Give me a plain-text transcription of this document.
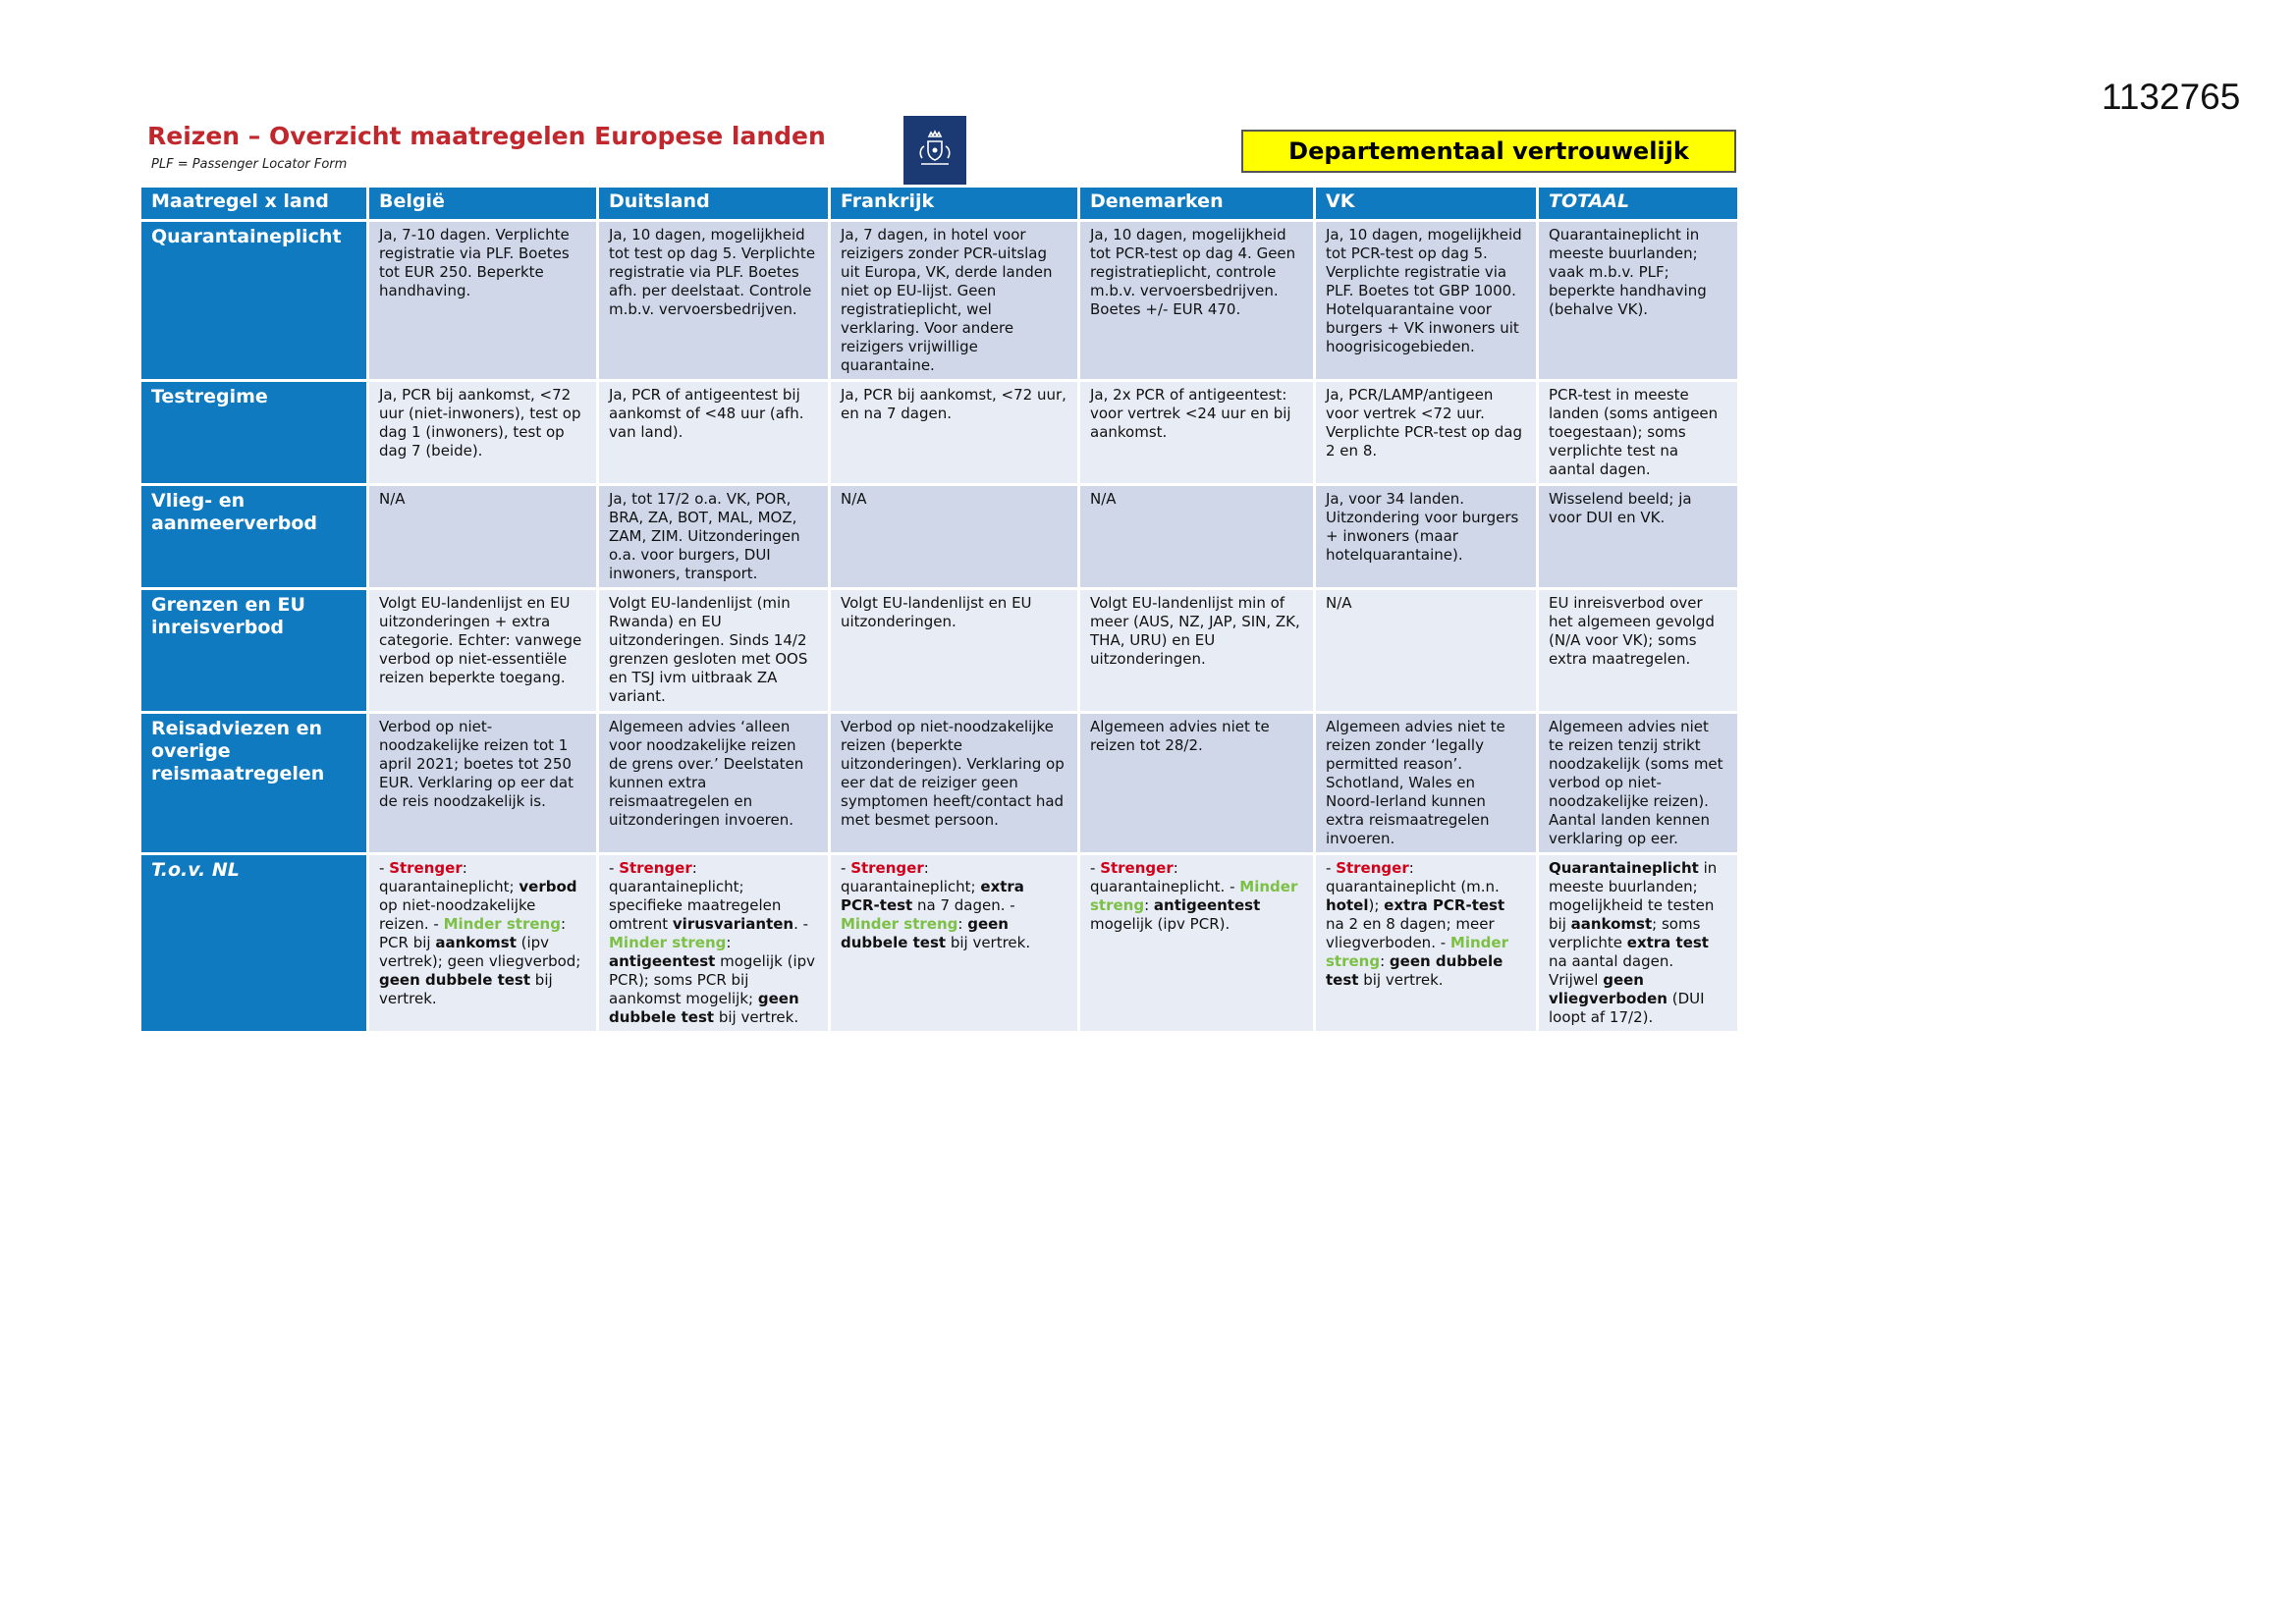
1132765
Reizen – Overzicht maatregelen Europese landen
PLF = Passenger Locator Form	Departementaal vertrouwelijk
Maatregel x land	België	Duitsland	Frankrijk	Denemarken	VK	TOTAAL
Quarantaineplicht	Ja, 7-10 dagen. Verplichte registratie via PLF. Boetes tot EUR 250. Beperkte handhaving.	Ja, 10 dagen, mogelijkheid tot test op dag 5. Verplichte registratie via PLF. Boetes afh. per deelstaat. Controle m.b.v. vervoersbedrijven.	Ja, 7 dagen, in hotel voor reizigers zonder PCR-uitslag uit Europa, VK, derde landen niet op EU-lijst. Geen registratieplicht, wel verklaring. Voor andere reizigers vrijwillige quarantaine.	Ja, 10 dagen, mogelijkheid tot PCR-test op dag 4. Geen registratieplicht, controle m.b.v. vervoersbedrijven. Boetes +/- EUR 470.	Ja, 10 dagen, mogelijkheid tot PCR-test op dag 5. Verplichte registratie via PLF. Boetes tot GBP 1000. Hotelquarantaine voor burgers + VK inwoners uit hoogrisicogebieden.	Quarantaineplicht in meeste buurlanden; vaak m.b.v. PLF; beperkte handhaving (behalve VK).
Testregime	Ja, PCR bij aankomst, <72 uur (niet-inwoners), test op dag 1 (inwoners), test op dag 7 (beide).	Ja, PCR of antigeentest bij aankomst of <48 uur (afh. van land).	Ja, PCR bij aankomst, <72 uur, en na 7 dagen.	Ja, 2x PCR of antigeentest: voor vertrek <24 uur en bij aankomst.	Ja, PCR/LAMP/antigeen voor vertrek <72 uur. Verplichte PCR-test op dag 2 en 8.	PCR-test in meeste landen (soms antigeen toegestaan); soms verplichte test na aantal dagen.
Vlieg- en aanmeerverbod	N/A	Ja, tot 17/2 o.a. VK, POR, BRA, ZA, BOT, MAL, MOZ, ZAM, ZIM. Uitzonderingen o.a. voor burgers, DUI inwoners, transport.	N/A	N/A	Ja, voor 34 landen. Uitzondering voor burgers + inwoners (maar hotelquarantaine).	Wisselend beeld; ja voor DUI en VK.
Grenzen en EU inreisverbod	Volgt EU-landenlijst en EU uitzonderingen + extra categorie. Echter: vanwege verbod op niet-essentiële reizen beperkte toegang.	Volgt EU-landenlijst (min Rwanda) en EU uitzonderingen. Sinds 14/2 grenzen gesloten met OOS en TSJ ivm uitbraak ZA variant.	Volgt EU-landenlijst en EU uitzonderingen.	Volgt EU-landenlijst min of meer (AUS, NZ, JAP, SIN, ZK, THA, URU) en EU uitzonderingen.	N/A	EU inreisverbod over het algemeen gevolgd (N/A voor VK); soms extra maatregelen.
Reisadviezen en overige reismaatregelen	Verbod op niet-noodzakelijke reizen tot 1 april 2021; boetes tot 250 EUR. Verklaring op eer dat de reis noodzakelijk is.	Algemeen advies ‘alleen voor noodzakelijke reizen de grens over.’ Deelstaten kunnen extra reismaatregelen en uitzonderingen invoeren.	Verbod op niet-noodzakelijke reizen (beperkte uitzonderingen). Verklaring op eer dat de reiziger geen symptomen heeft/contact had met besmet persoon.	Algemeen advies niet te reizen tot 28/2.	Algemeen advies niet te reizen zonder ‘legally permitted reason’. Schotland, Wales en Noord-Ierland kunnen extra reismaatregelen invoeren.	Algemeen advies niet te reizen tenzij strikt noodzakelijk (soms met verbod op niet-noodzakelijke reizen). Aantal landen kennen verklaring op eer.
T.o.v. NL	- Strenger: quarantaineplicht; verbod op niet-noodzakelijke reizen. - Minder streng: PCR bij aankomst (ipv vertrek); geen vliegverbod; geen dubbele test bij vertrek.	- Strenger: quarantaineplicht; specifieke maatregelen omtrent virusvarianten. - Minder streng: antigeentest mogelijk (ipv PCR); soms PCR bij aankomst mogelijk; geen dubbele test bij vertrek.	- Strenger: quarantaineplicht; extra PCR-test na 7 dagen. - Minder streng: geen dubbele test bij vertrek.	- Strenger: quarantaineplicht. - Minder streng: antigeentest mogelijk (ipv PCR).	- Strenger: quarantaineplicht (m.n. hotel); extra PCR-test na 2 en 8 dagen; meer vliegverboden. - Minder streng: geen dubbele test bij vertrek.	Quarantaineplicht in meeste buurlanden; mogelijkheid te testen bij aankomst; soms verplichte extra test na aantal dagen. Vrijwel geen vliegverboden (DUI loopt af 17/2).
